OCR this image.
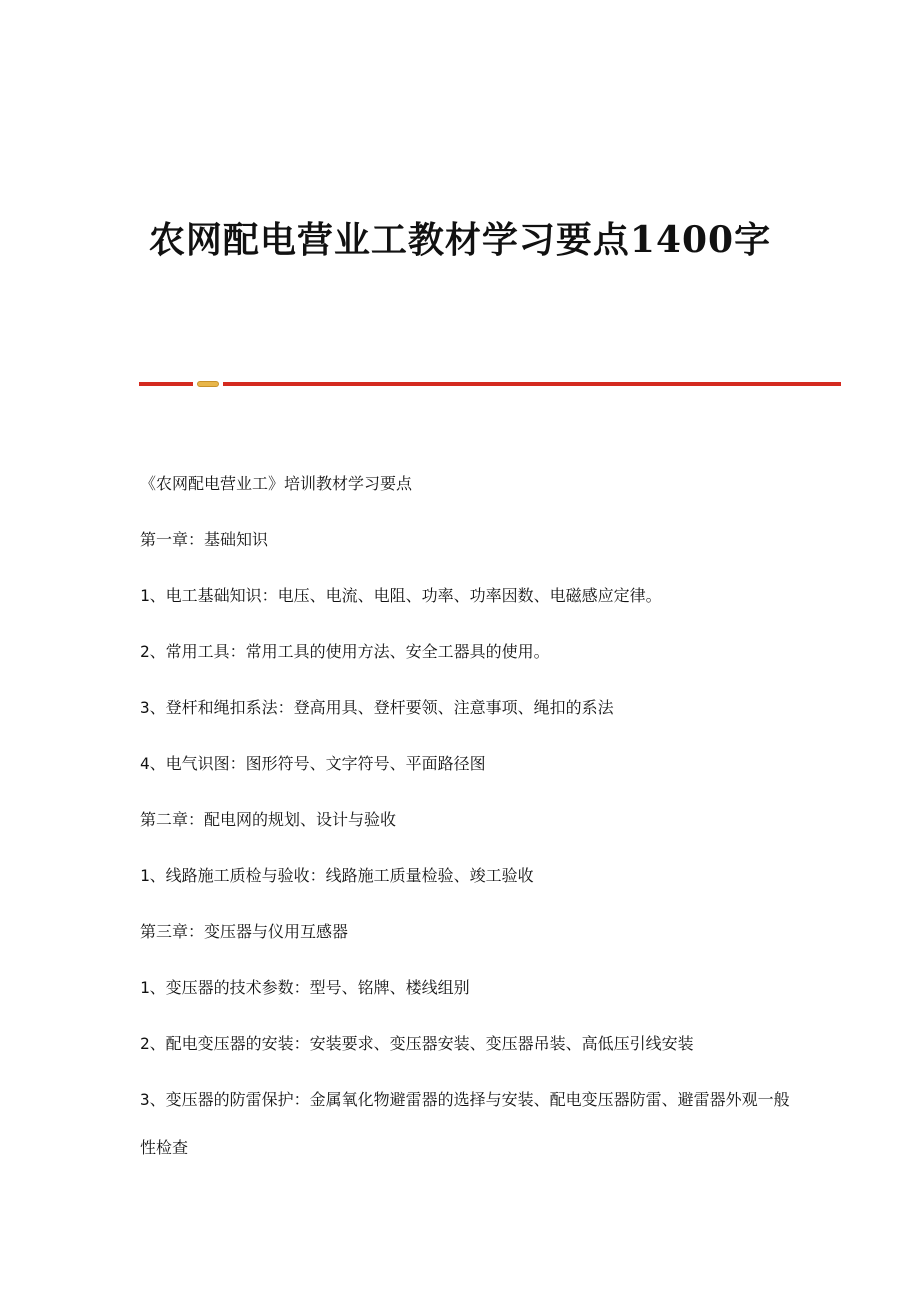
农网配电营业工教材学习要点1400字

《农网配电营业工》培训教材学习要点

第一章：基础知识

1、电工基础知识：电压、电流、电阻、功率、功率因数、电磁感应定律。

2、常用工具：常用工具的使用方法、安全工器具的使用。

3、登杆和绳扣系法：登高用具、登杆要领、注意事项、绳扣的系法

4、电气识图：图形符号、文字符号、平面路径图

第二章：配电网的规划、设计与验收

1、线路施工质检与验收：线路施工质量检验、竣工验收

第三章：变压器与仪用互感器

1、变压器的技术参数：型号、铭牌、楼线组别

2、配电变压器的安装：安装要求、变压器安装、变压器吊装、高低压引线安装

3、变压器的防雷保护：金属氧化物避雷器的选择与安装、配电变压器防雷、避雷器外观一般性检查
